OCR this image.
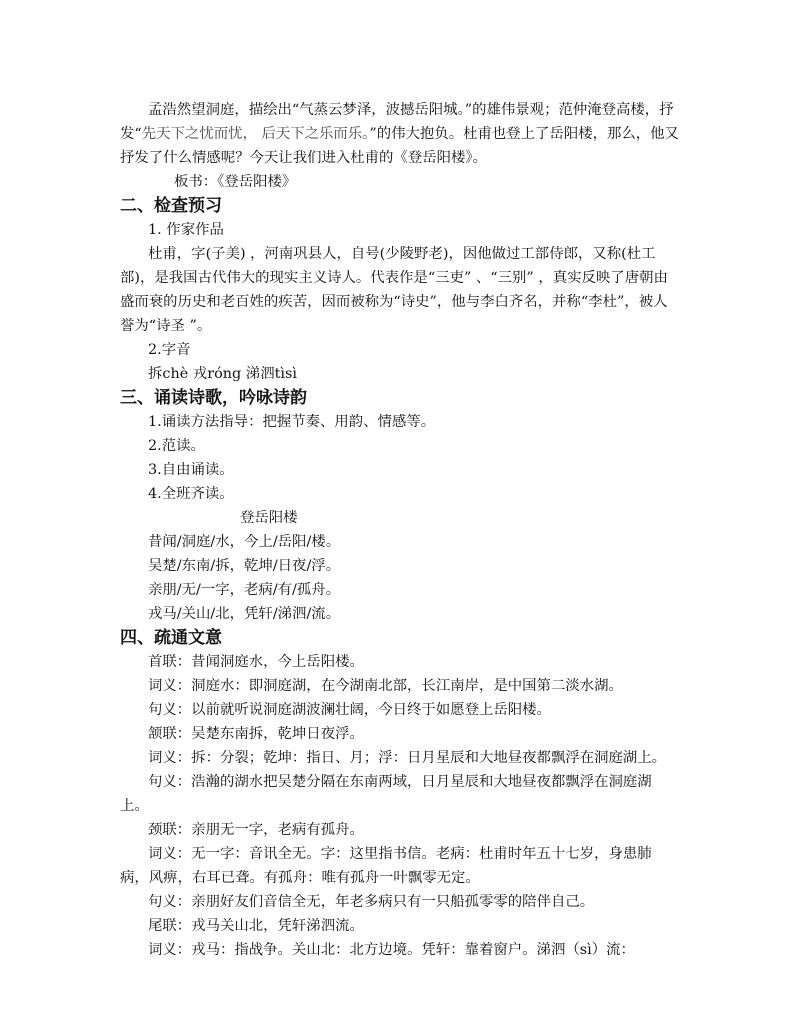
孟浩然望洞庭，描绘出“气蒸云梦泽，波撼岳阳城。”的雄伟景观；范仲淹登高楼，抒发“先天下之忧而忧， 后天下之乐而乐。”的伟大抱负。杜甫也登上了岳阳楼，那么，他又抒发了什么情感呢？今天让我们进入杜甫的《登岳阳楼》。

板书：《登岳阳楼》

二、检查预习

1. 作家作品

杜甫，字(子美) ，河南巩县人，自号(少陵野老)，因他做过工部侍郎，又称(杜工部)，是我国古代伟大的现实主义诗人。代表作是“三吏” 、“三别” ，真实反映了唐朝由盛而衰的历史和老百姓的疾苦，因而被称为“诗史”，他与李白齐名，并称“李杜”，被人誉为“诗圣 ”。

2.字音

拆chè 戎róng 涕泗tìsì

三、诵读诗歌，吟咏诗韵

1.诵读方法指导：把握节奏、用韵、情感等。

2.范读。

3.自由诵读。

4.全班齐读。

登岳阳楼

昔闻/洞庭/水，今上/岳阳/楼。

吴楚/东南/拆，乾坤/日夜/浮。

亲朋/无/一字，老病/有/孤舟。

戎马/关山/北，凭轩/涕泗/流。

四、疏通文意

首联：昔闻洞庭水，今上岳阳楼。

词义：洞庭水：即洞庭湖，在今湖南北部，长江南岸，是中国第二淡水湖。

句义：以前就听说洞庭湖波澜壮阔，今日终于如愿登上岳阳楼。

颔联：吴楚东南拆，乾坤日夜浮。

词义：拆：分裂；乾坤：指日、月；浮：日月星辰和大地昼夜都飘浮在洞庭湖上。

句义：浩瀚的湖水把吴楚分隔在东南两域，日月星辰和大地昼夜都飘浮在洞庭湖上。

颈联：亲朋无一字，老病有孤舟。

词义：无一字：音讯全无。字：这里指书信。老病：杜甫时年五十七岁，身患肺病，风痹，右耳已聋。有孤舟：唯有孤舟一叶飘零无定。

句义：亲朋好友们音信全无，年老多病只有一只船孤零零的陪伴自己。

尾联：戎马关山北，凭轩涕泗流。

词义：戎马：指战争。关山北：北方边境。凭轩：靠着窗户。涕泗（sì）流：
